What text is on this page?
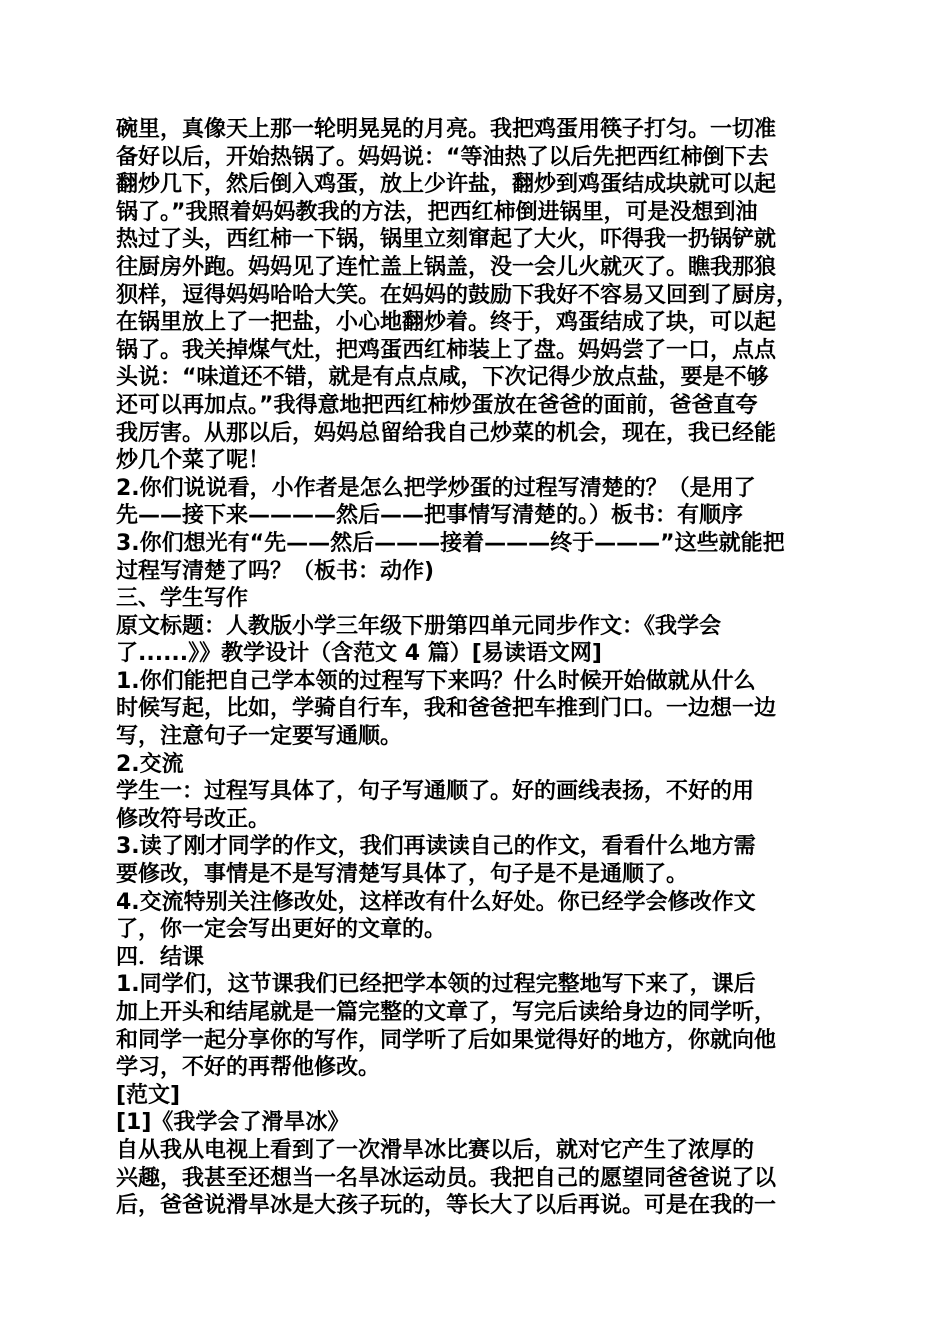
碗里，真像天上那一轮明晃晃的月亮。我把鸡蛋用筷子打匀。一切准
备好以后，开始热锅了。妈妈说：“等油热了以后先把西红柿倒下去
翻炒几下，然后倒入鸡蛋，放上少许盐，翻炒到鸡蛋结成块就可以起
锅了。”我照着妈妈教我的方法，把西红柿倒进锅里，可是没想到油
热过了头，西红柿一下锅，锅里立刻窜起了大火，吓得我一扔锅铲就
往厨房外跑。妈妈见了连忙盖上锅盖，没一会儿火就灭了。瞧我那狼
狈样，逗得妈妈哈哈大笑。在妈妈的鼓励下我好不容易又回到了厨房，
在锅里放上了一把盐，小心地翻炒着。终于，鸡蛋结成了块，可以起
锅了。我关掉煤气灶，把鸡蛋西红柿装上了盘。妈妈尝了一口，点点
头说：“味道还不错，就是有点点咸，下次记得少放点盐，要是不够
还可以再加点。”我得意地把西红柿炒蛋放在爸爸的面前，爸爸直夸
我厉害。从那以后，妈妈总留给我自己炒菜的机会，现在，我已经能
炒几个菜了呢！
2.你们说说看，小作者是怎么把学炒蛋的过程写清楚的？（是用了
先——接下来————然后——把事情写清楚的。）板书：有顺序
3.你们想光有“先——然后———接着———终于———”这些就能把
过程写清楚了吗？（板书：动作)
三、学生写作
原文标题：人教版小学三年级下册第四单元同步作文：《我学会
了......》》教学设计（含范文 4 篇）[易读语文网]
1.你们能把自己学本领的过程写下来吗？什么时候开始做就从什么
时候写起，比如，学骑自行车，我和爸爸把车推到门口。一边想一边
写，注意句子一定要写通顺。
2.交流
学生一：过程写具体了，句子写通顺了。好的画线表扬，不好的用
修改符号改正。
3.读了刚才同学的作文，我们再读读自己的作文，看看什么地方需
要修改，事情是不是写清楚写具体了，句子是不是通顺了。
4.交流特别关注修改处，这样改有什么好处。你已经学会修改作文
了，你一定会写出更好的文章的。
四．结课
1.同学们，这节课我们已经把学本领的过程完整地写下来了，课后
加上开头和结尾就是一篇完整的文章了，写完后读给身边的同学听，
和同学一起分享你的写作，同学听了后如果觉得好的地方，你就向他
学习，不好的再帮他修改。
[范文]
[1]《我学会了滑旱冰》
自从我从电视上看到了一次滑旱冰比赛以后，就对它产生了浓厚的
兴趣，我甚至还想当一名旱冰运动员。我把自己的愿望同爸爸说了以
后，爸爸说滑旱冰是大孩子玩的，等长大了以后再说。可是在我的一
